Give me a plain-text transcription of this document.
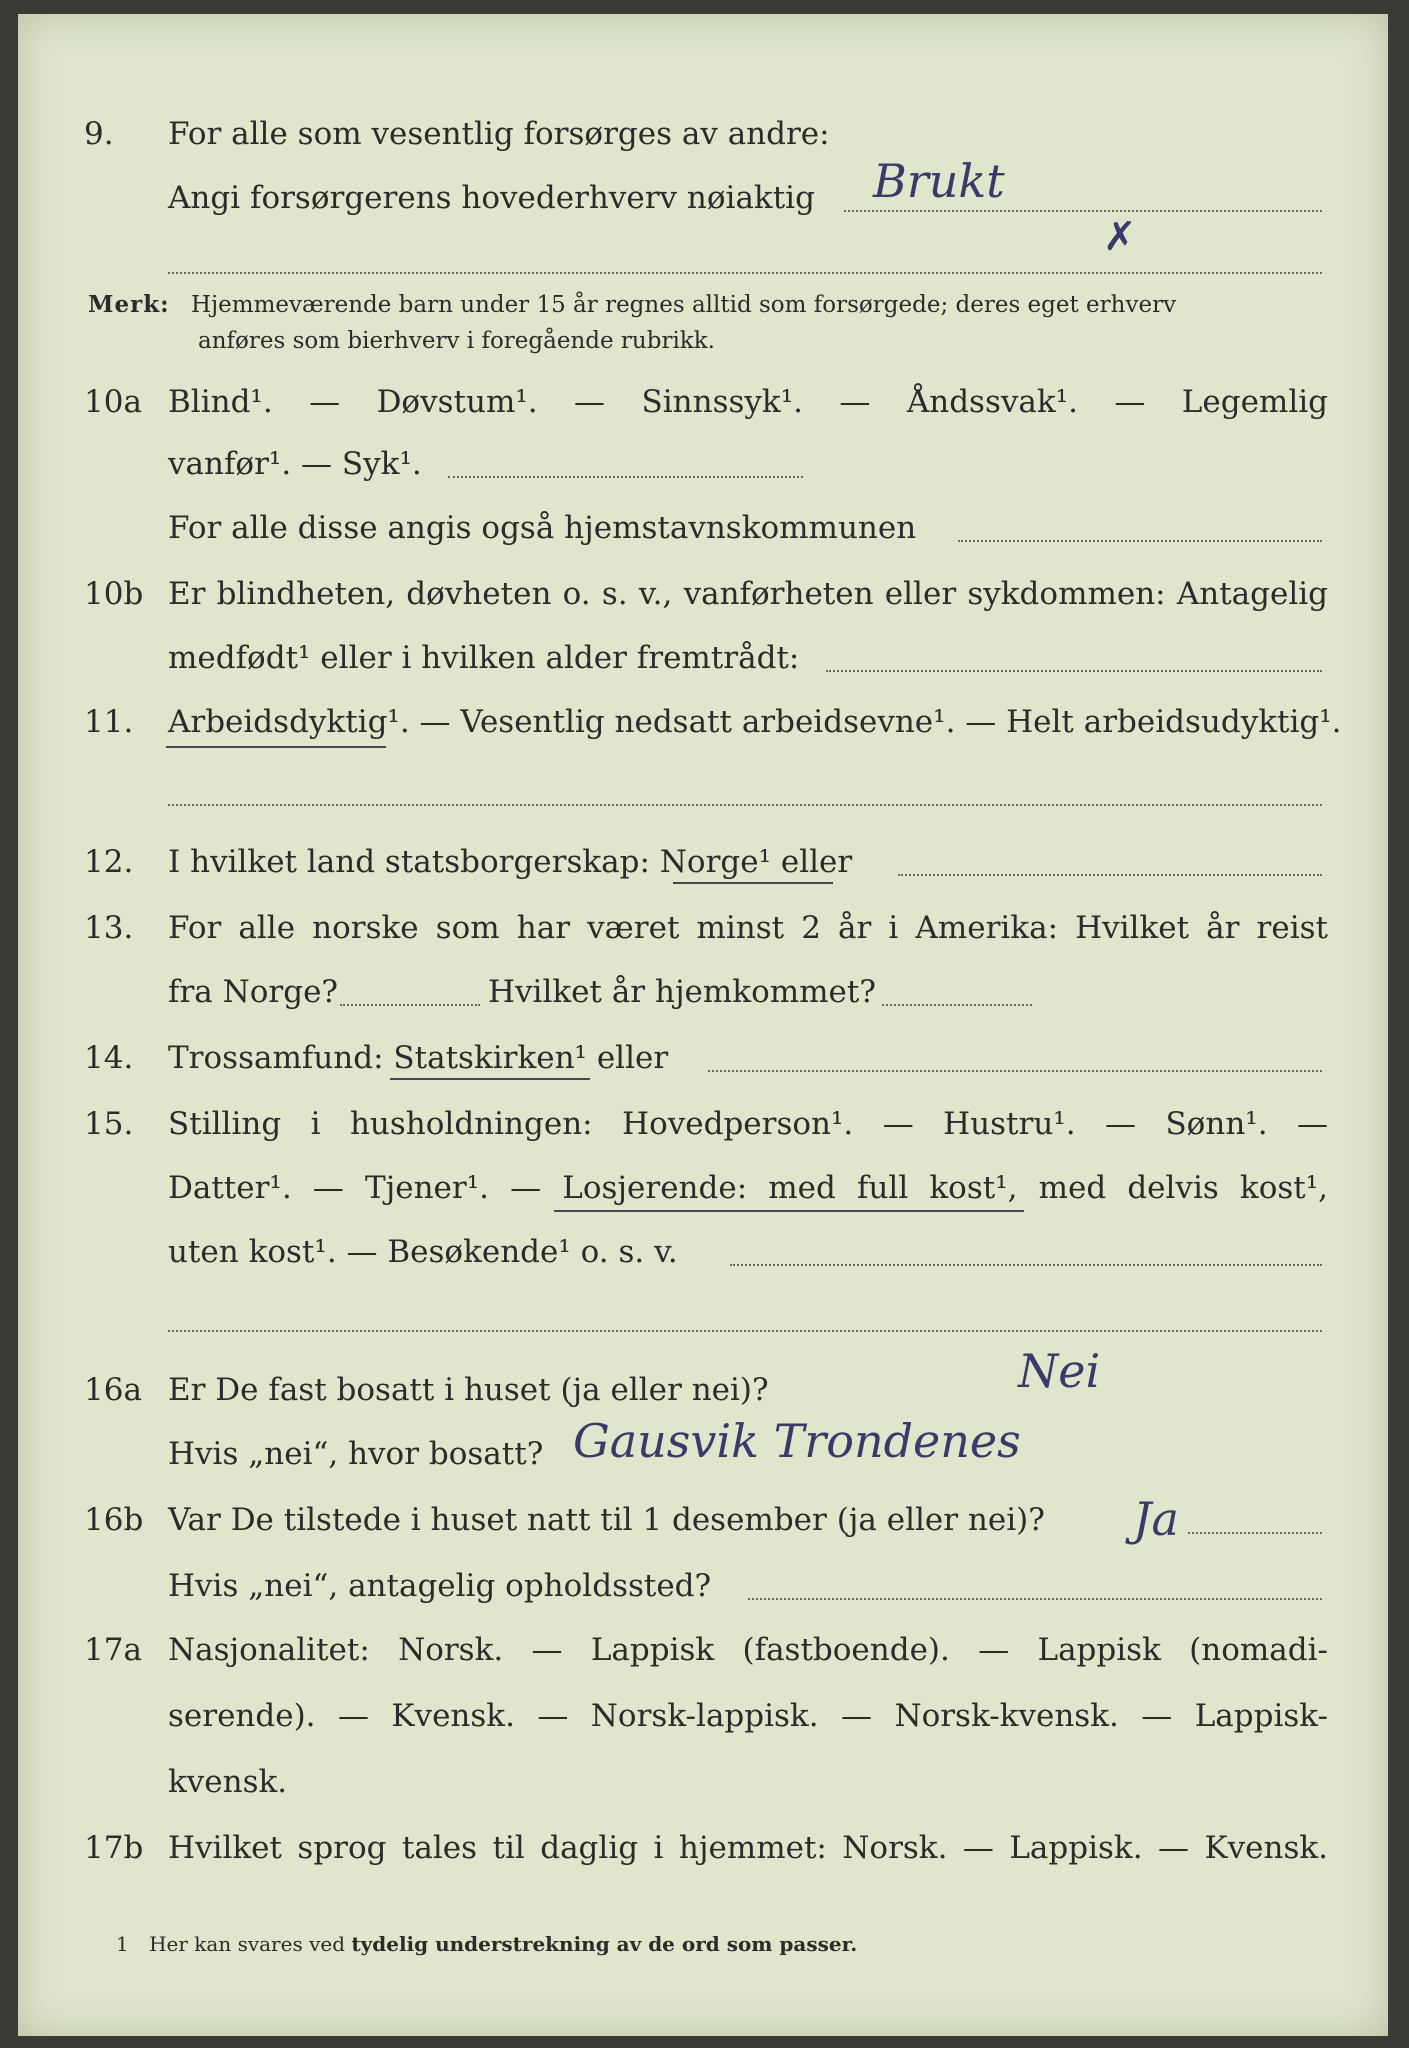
9.	For alle som vesentlig forsørges av andre:
Angi forsørgerens hovederhverv nøiaktig Brukt
✗
Merk: Hjemmeværende barn under 15 år regnes alltid som forsørgede; deres eget erhverv
anføres som bierhverv i foregående rubrikk.
10a Blind¹. — Døvstum¹. — Sinnssyk¹. — Åndssvak¹. — Legemlig
vanfør¹. — Syk¹.
For alle disse angis også hjemstavnskommunen
10b Er blindheten, døvheten o. s. v., vanførheten eller sykdommen: Antagelig
medfødt¹ eller i hvilken alder fremtrådt:
11.	Arbeidsdyktig¹. — Vesentlig nedsatt arbeidsevne¹. — Helt arbeidsudyktig¹.
12.	I hvilket land statsborgerskap: Norge¹ eller
13.	For alle norske som har været minst 2 år i Amerika: Hvilket år reist
fra Norge?	Hvilket år hjemkommet?
14.	Trossamfund: Statskirken¹ eller
15.	Stilling i husholdningen: Hovedperson¹. — Hustru¹. — Sønn¹. —
Datter¹. — Tjener¹. — Losjerende: med full kost¹, med delvis kost¹,
uten kost¹. — Besøkende¹ o. s. v.
16a Er De fast bosatt i huset (ja eller nei)?	Nei
Hvis „nei“, hvor bosatt? Gausvik Trondenes
16b Var De tilstede i huset natt til 1 desember (ja eller nei)? Ja
Hvis „nei“, antagelig opholdssted?
17a Nasjonalitet: Norsk. — Lappisk (fastboende). — Lappisk (nomadi-
serende). — Kvensk. — Norsk-lappisk. — Norsk-kvensk. — Lappisk-
kvensk.
17b Hvilket sprog tales til daglig i hjemmet: Norsk. — Lappisk. — Kvensk.
1 Her kan svares ved tydelig understrekning av de ord som passer.
